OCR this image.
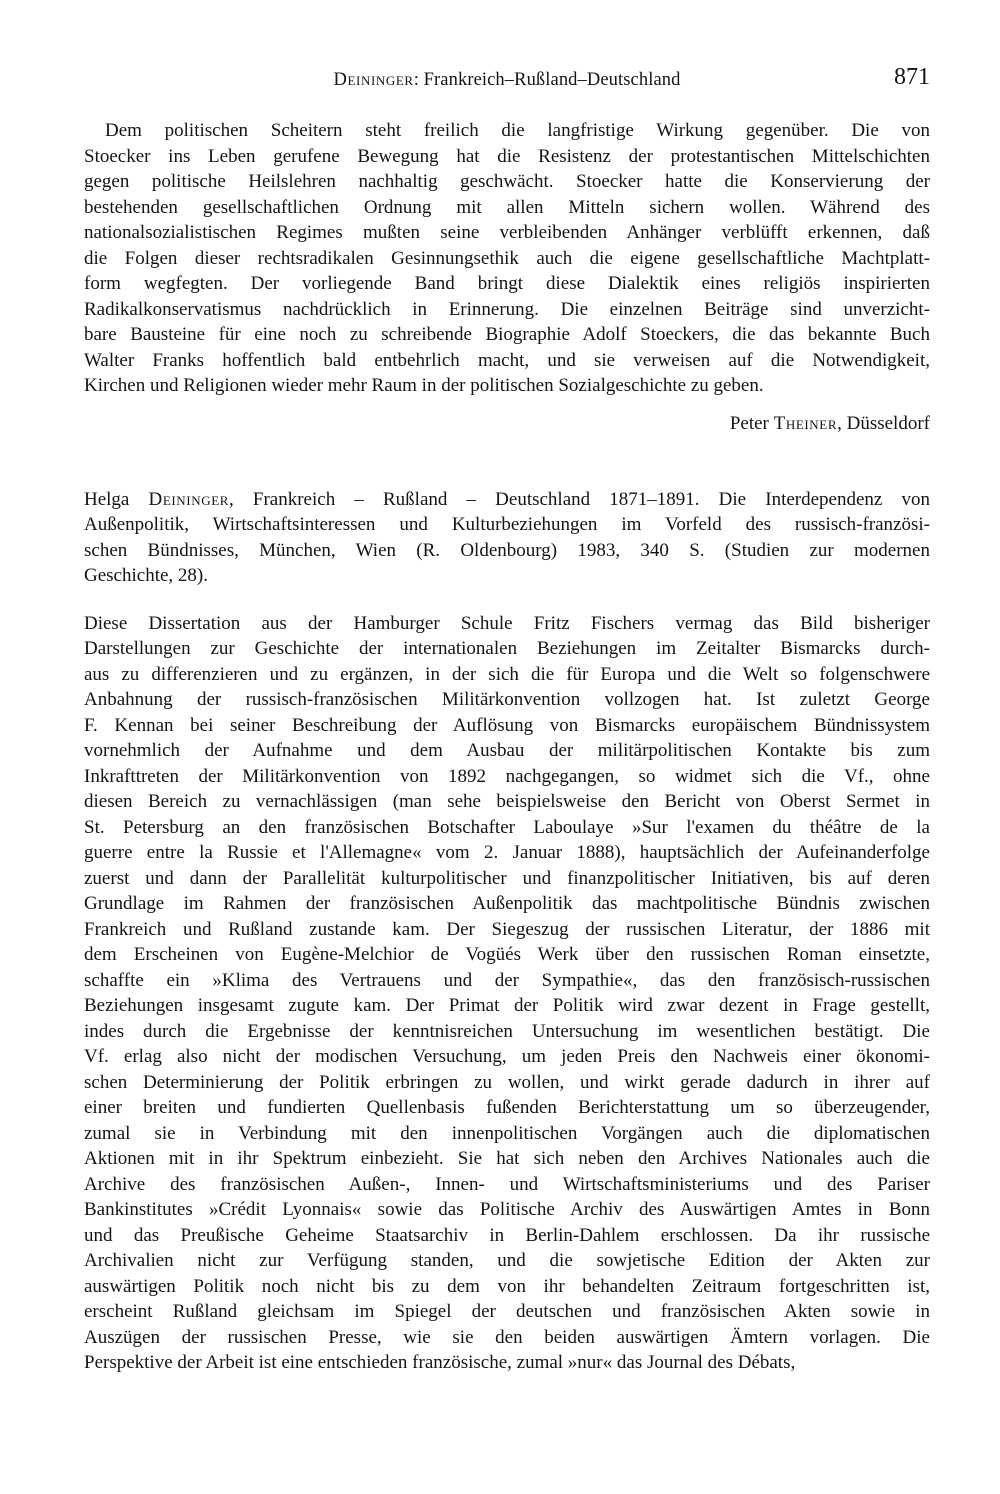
Deininger: Frankreich–Rußland–Deutschland	871
Dem politischen Scheitern steht freilich die langfristige Wirkung gegenüber. Die von
Stoecker ins Leben gerufene Bewegung hat die Resistenz der protestantischen Mittelschichten
gegen politische Heilslehren nachhaltig geschwächt. Stoecker hatte die Konservierung der
bestehenden gesellschaftlichen Ordnung mit allen Mitteln sichern wollen. Während des
nationalsozialistischen Regimes mußten seine verbleibenden Anhänger verblüfft erkennen, daß
die Folgen dieser rechtsradikalen Gesinnungsethik auch die eigene gesellschaftliche Machtplatt-
form wegfegten. Der vorliegende Band bringt diese Dialektik eines religiös inspirierten
Radikalkonservatismus nachdrücklich in Erinnerung. Die einzelnen Beiträge sind unverzicht-
bare Bausteine für eine noch zu schreibende Biographie Adolf Stoeckers, die das bekannte Buch
Walter Franks hoffentlich bald entbehrlich macht, und sie verweisen auf die Notwendigkeit,
Kirchen und Religionen wieder mehr Raum in der politischen Sozialgeschichte zu geben.
Peter Theiner, Düsseldorf
Helga Deininger, Frankreich – Rußland – Deutschland 1871–1891. Die Interdependenz von
Außenpolitik, Wirtschaftsinteressen und Kulturbeziehungen im Vorfeld des russisch-französi-
schen Bündnisses, München, Wien (R. Oldenbourg) 1983, 340 S. (Studien zur modernen
Geschichte, 28).
Diese Dissertation aus der Hamburger Schule Fritz Fischers vermag das Bild bisheriger
Darstellungen zur Geschichte der internationalen Beziehungen im Zeitalter Bismarcks durch-
aus zu differenzieren und zu ergänzen, in der sich die für Europa und die Welt so folgenschwere
Anbahnung der russisch-französischen Militärkonvention vollzogen hat. Ist zuletzt George
F. Kennan bei seiner Beschreibung der Auflösung von Bismarcks europäischem Bündnissystem
vornehmlich der Aufnahme und dem Ausbau der militärpolitischen Kontakte bis zum
Inkrafttreten der Militärkonvention von 1892 nachgegangen, so widmet sich die Vf., ohne
diesen Bereich zu vernachlässigen (man sehe beispielsweise den Bericht von Oberst Sermet in
St. Petersburg an den französischen Botschafter Laboulaye »Sur l'examen du théâtre de la
guerre entre la Russie et l'Allemagne« vom 2. Januar 1888), hauptsächlich der Aufeinanderfolge
zuerst und dann der Parallelität kulturpolitischer und finanzpolitischer Initiativen, bis auf deren
Grundlage im Rahmen der französischen Außenpolitik das machtpolitische Bündnis zwischen
Frankreich und Rußland zustande kam. Der Siegeszug der russischen Literatur, der 1886 mit
dem Erscheinen von Eugène-Melchior de Vogüés Werk über den russischen Roman einsetzte,
schaffte ein »Klima des Vertrauens und der Sympathie«, das den französisch-russischen
Beziehungen insgesamt zugute kam. Der Primat der Politik wird zwar dezent in Frage gestellt,
indes durch die Ergebnisse der kenntnisreichen Untersuchung im wesentlichen bestätigt. Die
Vf. erlag also nicht der modischen Versuchung, um jeden Preis den Nachweis einer ökonomi-
schen Determinierung der Politik erbringen zu wollen, und wirkt gerade dadurch in ihrer auf
einer breiten und fundierten Quellenbasis fußenden Berichterstattung um so überzeugender,
zumal sie in Verbindung mit den innenpolitischen Vorgängen auch die diplomatischen
Aktionen mit in ihr Spektrum einbezieht. Sie hat sich neben den Archives Nationales auch die
Archive des französischen Außen-, Innen- und Wirtschaftsministeriums und des Pariser
Bankinstitutes »Crédit Lyonnais« sowie das Politische Archiv des Auswärtigen Amtes in Bonn
und das Preußische Geheime Staatsarchiv in Berlin-Dahlem erschlossen. Da ihr russische
Archivalien nicht zur Verfügung standen, und die sowjetische Edition der Akten zur
auswärtigen Politik noch nicht bis zu dem von ihr behandelten Zeitraum fortgeschritten ist,
erscheint Rußland gleichsam im Spiegel der deutschen und französischen Akten sowie in
Auszügen der russischen Presse, wie sie den beiden auswärtigen Ämtern vorlagen. Die
Perspektive der Arbeit ist eine entschieden französische, zumal »nur« das Journal des Débats,
